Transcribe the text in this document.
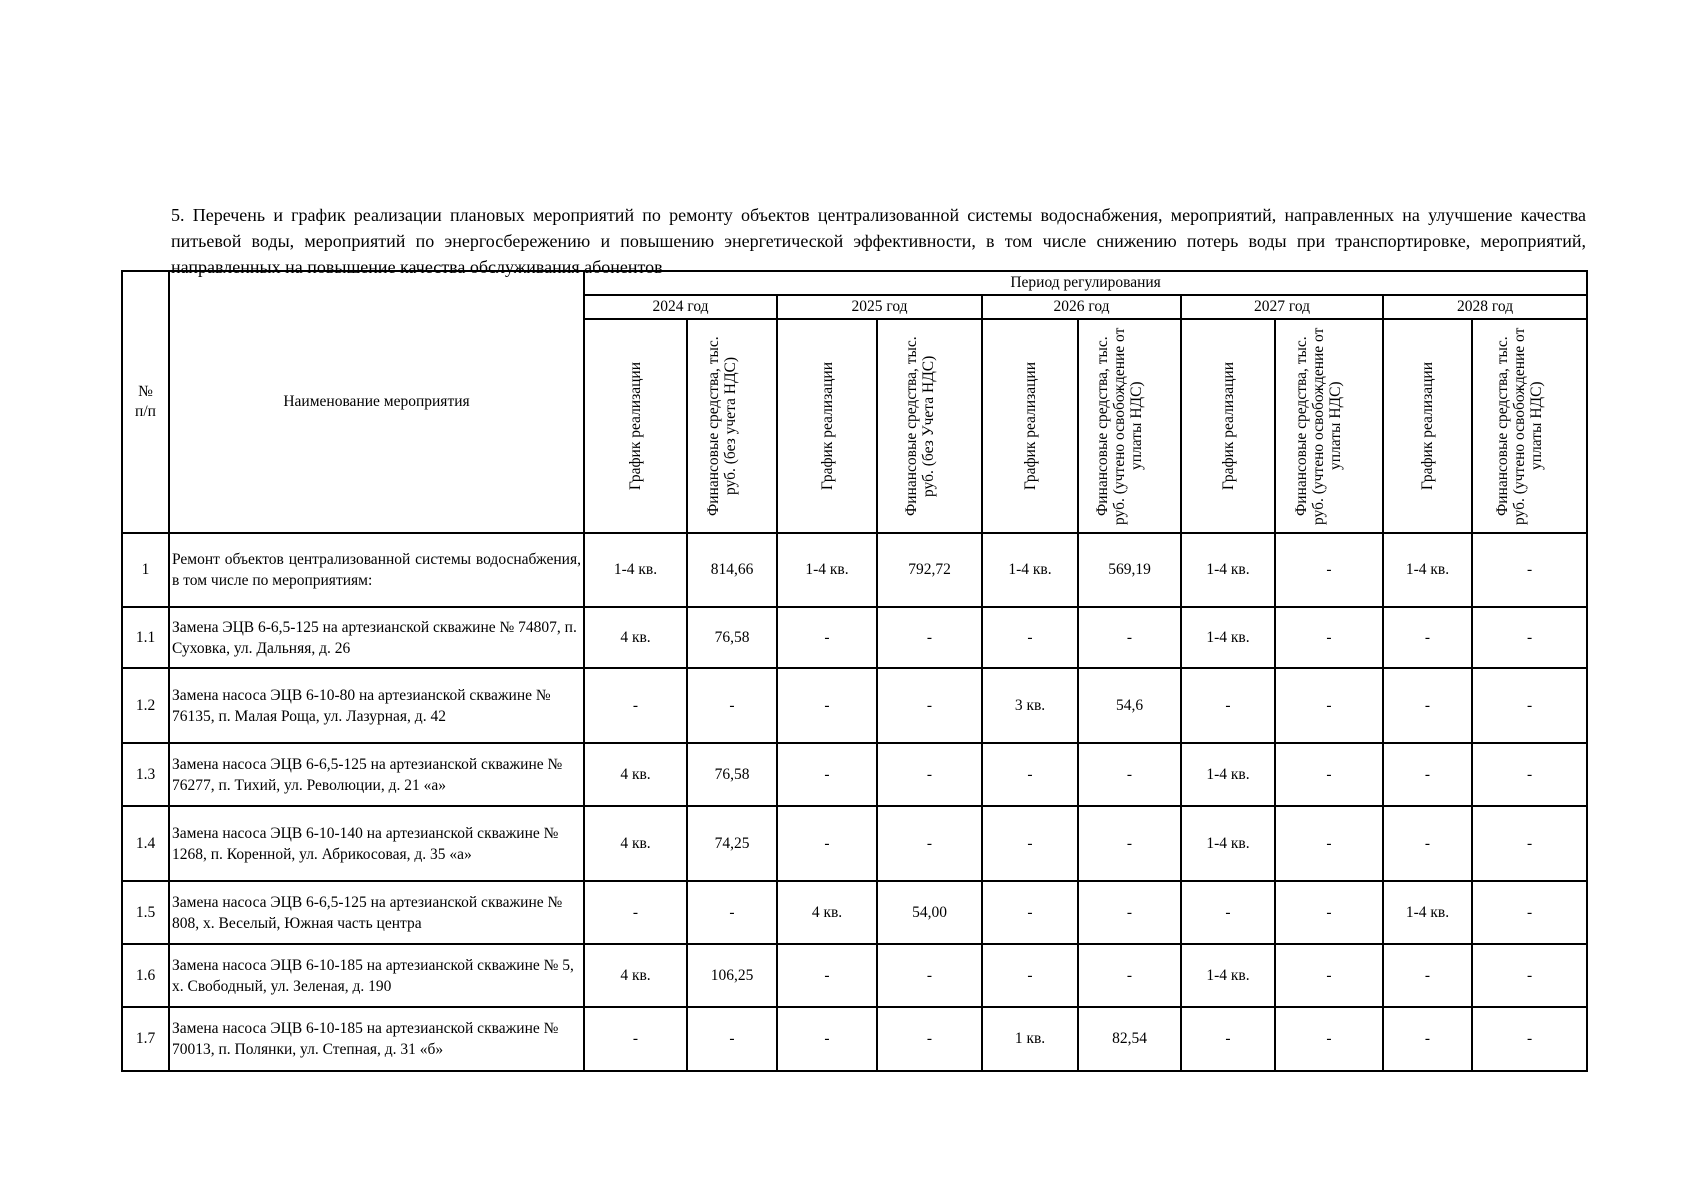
5. Перечень и график реализации плановых мероприятий по ремонту объектов централизованной системы водоснабжения, мероприятий, направленных на улучшение качества питьевой воды, мероприятий по энергосбережению и повышению энергетической эффективности, в том числе снижению потерь воды при транспортировке, мероприятий, направленных на повышение качества обслуживания абонентов

№ п/п	Наименование мероприятия	Период регулирования									
		2024 год		2025 год		2026 год		2027 год		2028 год	

		График реализации	Финансовые средства, тыс. руб. (без учета НДС)	График реализации	Финансовые средства, тыс. руб. (без Учета НДС)	График реализации	Финансовые средства, тыс. руб. (учтено освобождение от уплаты НДС)	График реализации	Финансовые средства, тыс. руб. (учтено освобождение от уплаты НДС)	График реализации	Финансовые средства, тыс. руб. (учтено освобождение от уплаты НДС)

1	Ремонт объектов централизованной системы водоснабжения, в том числе по мероприятиям:	1-4 кв.	814,66	1-4 кв.	792,72	1-4 кв.	569,19	1-4 кв.	-	1-4 кв.	-
1.1	Замена ЭЦВ 6-6,5-125 на артезианской скважине № 74807, п. Суховка, ул. Дальняя, д. 26	4 кв.	76,58	-	-	-	-	1-4 кв.	-	-	-
1.2	Замена насоса ЭЦВ 6-10-80 на артезианской скважине № 76135, п. Малая Роща, ул. Лазурная, д. 42	-	-	-	-	3 кв.	54,6	-	-	-	-
1.3	Замена насоса ЭЦВ 6-6,5-125 на артезианской скважине № 76277, п. Тихий, ул. Революции, д. 21 «а»	4 кв.	76,58	-	-	-	-	1-4 кв.	-	-	-
1.4	Замена насоса ЭЦВ 6-10-140 на артезианской скважине № 1268, п. Коренной, ул. Абрикосовая, д. 35 «а»	4 кв.	74,25	-	-	-	-	1-4 кв.	-	-	-
1.5	Замена насоса ЭЦВ 6-6,5-125 на артезианской скважине № 808, х. Веселый, Южная часть центра	-	-	4 кв.	54,00	-	-	-	-	1-4 кв.	-
1.6	Замена насоса ЭЦВ 6-10-185 на артезианской скважине № 5, х. Свободный, ул. Зеленая, д. 190	4 кв.	106,25	-	-	-	-	1-4 кв.	-	-	-
1.7	Замена насоса ЭЦВ 6-10-185 на артезианской скважине № 70013, п. Полянки, ул. Степная, д. 31 «б»	-	-	-	-	1 кв.	82,54	-	-	-	-
